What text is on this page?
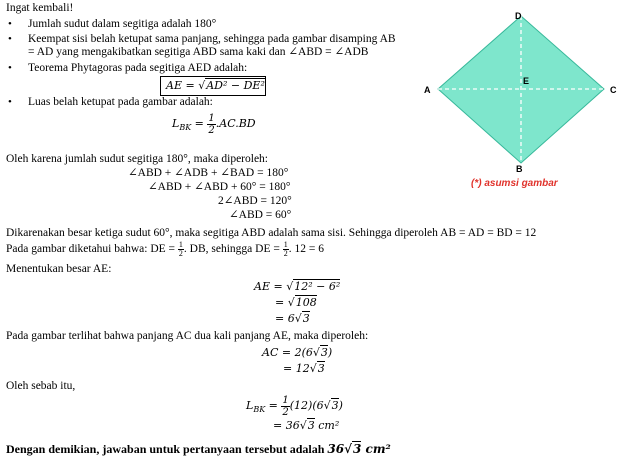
Ingat kembali!
• Jumlah sudut dalam segitiga adalah 180°
• Keempat sisi belah ketupat sama panjang, sehingga pada gambar disamping AB
= AD yang mengakibatkan segitiga ABD sama kaki dan ∠ABD = ∠ADB
• Teorema Phytagoras pada segitiga AED adalah:
AE = √AD² − DE²
• Luas belah ketupat pada gambar adalah:
$L_{BK} = \frac{1}{2} .AC.BD$
D
A	C
E
B
(*) asumsi gambar
Oleh karena jumlah sudut segitiga 180°, maka diperoleh:
∠ABD + ∠ADB + ∠BAD = 180°
∠ABD + ∠ABD + 60° = 180°
2∠ABD = 120°
∠ABD = 60°
Dikarenakan besar ketiga sudut 60°, maka segitiga ABD adalah sama sisi. Sehingga diperoleh AB = AD = BD = 12
Pada gambar diketahui bahwa: DE = $\frac{1}{2}$ . DB, sehingga DE = $\frac{1}{2}$ . 12 = 6
Menentukan besar AE:
AE = √12² − 6²
= √108
= 6√3
Pada gambar terlihat bahwa panjang AC dua kali panjang AE, maka diperoleh:
AC = 2(6√3)
= 12√3
Oleh sebab itu,
$L_{BK} = \frac{1}{2} (12)(6√3)$
= 36√3 cm²
Dengan demikian, jawaban untuk pertanyaan tersebut adalah 36√3 cm²
